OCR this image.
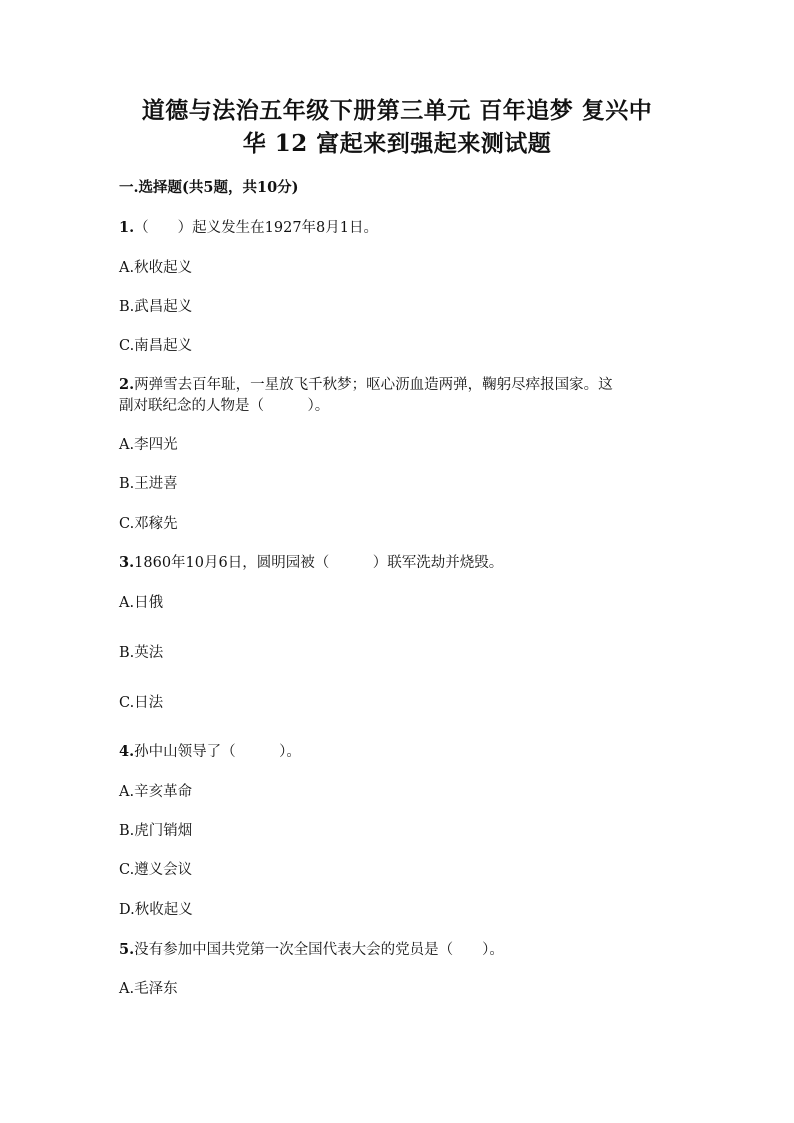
道德与法治五年级下册第三单元 百年追梦 复兴中
华 12 富起来到强起来测试题
一.选择题(共5题，共10分)
1.（　　）起义发生在1927年8月1日。
A.秋收起义
B.武昌起义
C.南昌起义
2.两弹雪去百年耻，一星放飞千秋梦；呕心沥血造两弹，鞠躬尽瘁报国家。这
副对联纪念的人物是（　　　）。
A.李四光
B.王进喜
C.邓稼先
3.1860年10月6日，圆明园被（　　　）联军洗劫并烧毁。
A.日俄
B.英法
C.日法
4.孙中山领导了（　　　）。
A.辛亥革命
B.虎门销烟
C.遵义会议
D.秋收起义
5.没有参加中国共党第一次全国代表大会的党员是（　　）。
A.毛泽东
